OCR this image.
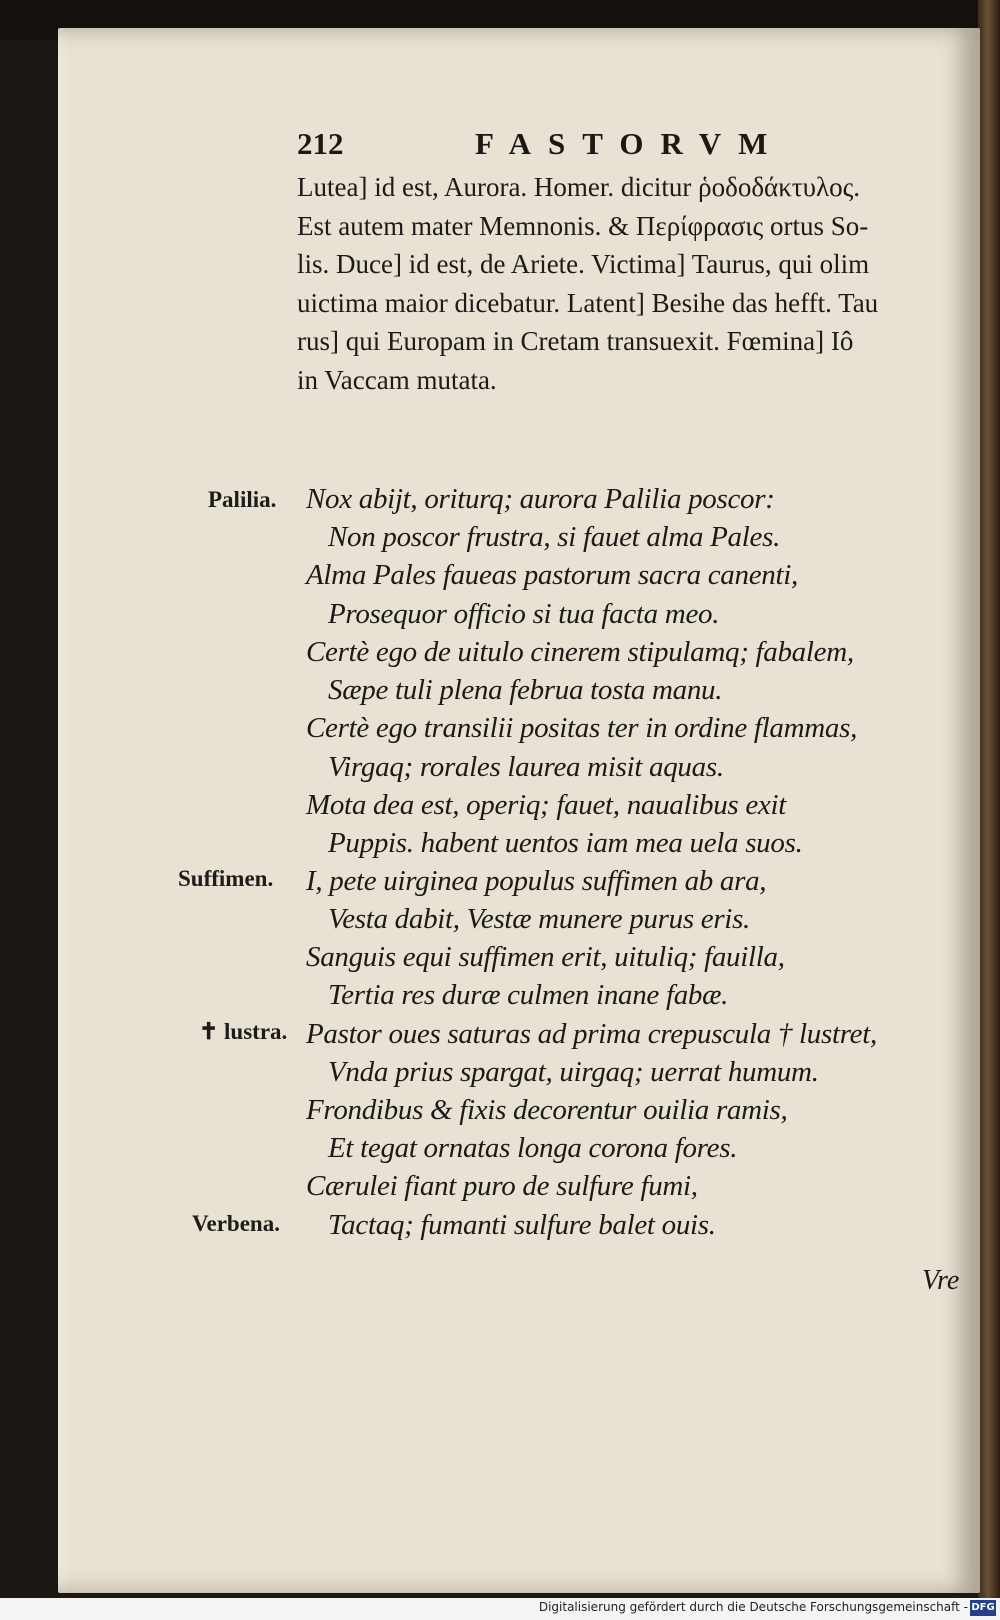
212	FASTORVM
Lutea] id est, Aurora. Homer. dicitur ῥοδοδάκτυλος.
Est autem mater Memnonis. & Περίφρασις ortus So-
lis. Duce] id est, de Ariete. Victima] Taurus, qui olim
uictima maior dicebatur. Latent] Besihe das hefft. Tau
rus] qui Europam in Cretam transuexit. Fœmina] Iô
in Vaccam mutata.
Palilia.
Suffimen.
✝ lustra.
Verbena.
Nox abijt, oriturq; aurora Palilia poscor:
Non poscor frustra, si fauet alma Pales.
Alma Pales faueas pastorum sacra canenti,
Prosequor officio si tua facta meo.
Certè ego de uitulo cinerem stipulamq; fabalem,
Sæpe tuli plena februa tosta manu.
Certè ego transilii positas ter in ordine flammas,
Virgaq; rorales laurea misit aquas.
Mota dea est, operiq; fauet, naualibus exit
Puppis. habent uentos iam mea uela suos.
I, pete uirginea populus suffimen ab ara,
Vesta dabit, Vestæ munere purus eris.
Sanguis equi suffimen erit, uituliq; fauilla,
Tertia res duræ culmen inane fabæ.
Pastor oues saturas ad prima crepuscula † lustret,
Vnda prius spargat, uirgaq; uerrat humum.
Frondibus & fixis decorentur ouilia ramis,
Et tegat ornatas longa corona fores.
Cærulei fiant puro de sulfure fumi,
Tactaq; fumanti sulfure balet ouis.
Vre
Digitalisierung gefördert durch die Deutsche Forschungsgemeinschaft - DFG
